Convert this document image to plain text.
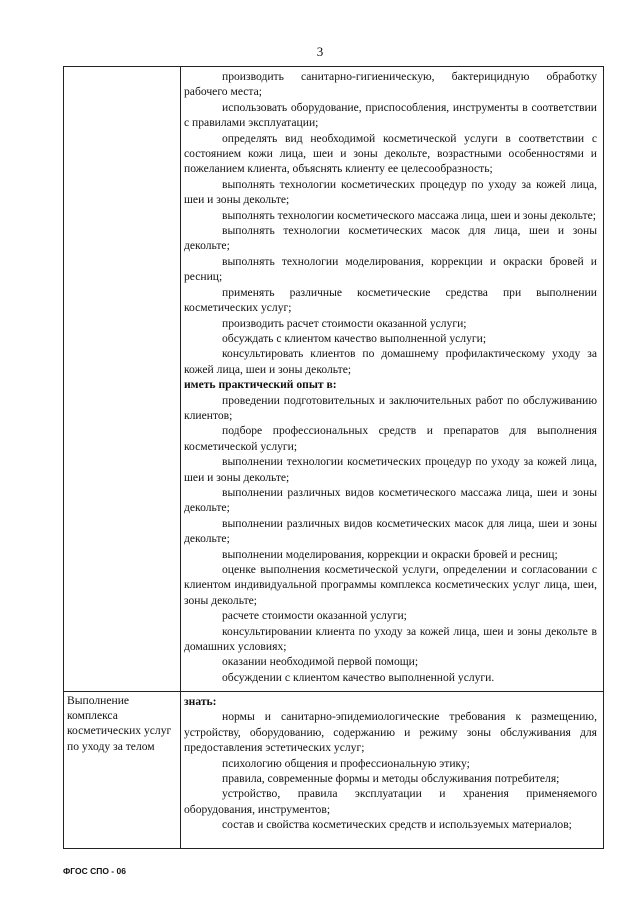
3

производить санитарно-гигиеническую, бактерицидную обработку рабочего места;

использовать оборудование, приспособления, инструменты в соответствии с правилами эксплуатации;

определять вид необходимой косметической услуги в соответствии с состоянием кожи лица, шеи и зоны декольте, возрастными особенностями и пожеланием клиента, объяснять клиенту ее целесообразность;

выполнять технологии косметических процедур по уходу за кожей лица, шеи и зоны декольте;

выполнять технологии косметического массажа лица, шеи и зоны декольте;

выполнять технологии косметических масок для лица, шеи и зоны декольте;

выполнять технологии моделирования, коррекции и окраски бровей и ресниц;

применять различные косметические средства при выполнении косметических услуг;

производить расчет стоимости оказанной услуги;

обсуждать с клиентом качество выполненной услуги;

консультировать клиентов по домашнему профилактическому уходу за кожей лица, шеи и зоны декольте;

иметь практический опыт в:

проведении подготовительных и заключительных работ по обслуживанию клиентов;

подборе профессиональных средств и препаратов для выполнения косметической услуги;

выполнении технологии косметических процедур по уходу за кожей лица, шеи и зоны декольте;

выполнении различных видов косметического массажа лица, шеи и зоны декольте;

выполнении различных видов косметических масок для лица, шеи и зоны декольте;

выполнении моделирования, коррекции и окраски бровей и ресниц;

оценке выполнения косметической услуги, определении и согласовании с клиентом индивидуальной программы комплекса косметических услуг лица, шеи, зоны декольте;

расчете стоимости оказанной услуги;

консультировании клиента по уходу за кожей лица, шеи и зоны декольте в домашних условиях;

оказании необходимой первой помощи;

обсуждении с клиентом качество выполненной услуги.

Выполнение комплекса косметических услуг по уходу за телом

знать:

нормы и санитарно-эпидемиологические требования к размещению, устройству, оборудованию, содержанию и режиму зоны обслуживания для предоставления эстетических услуг;

психологию общения и профессиональную этику;

правила, современные формы и методы обслуживания потребителя;

устройство, правила эксплуатации и хранения применяемого оборудования, инструментов;

состав и свойства косметических средств и используемых материалов;

ФГОС СПО - 06
